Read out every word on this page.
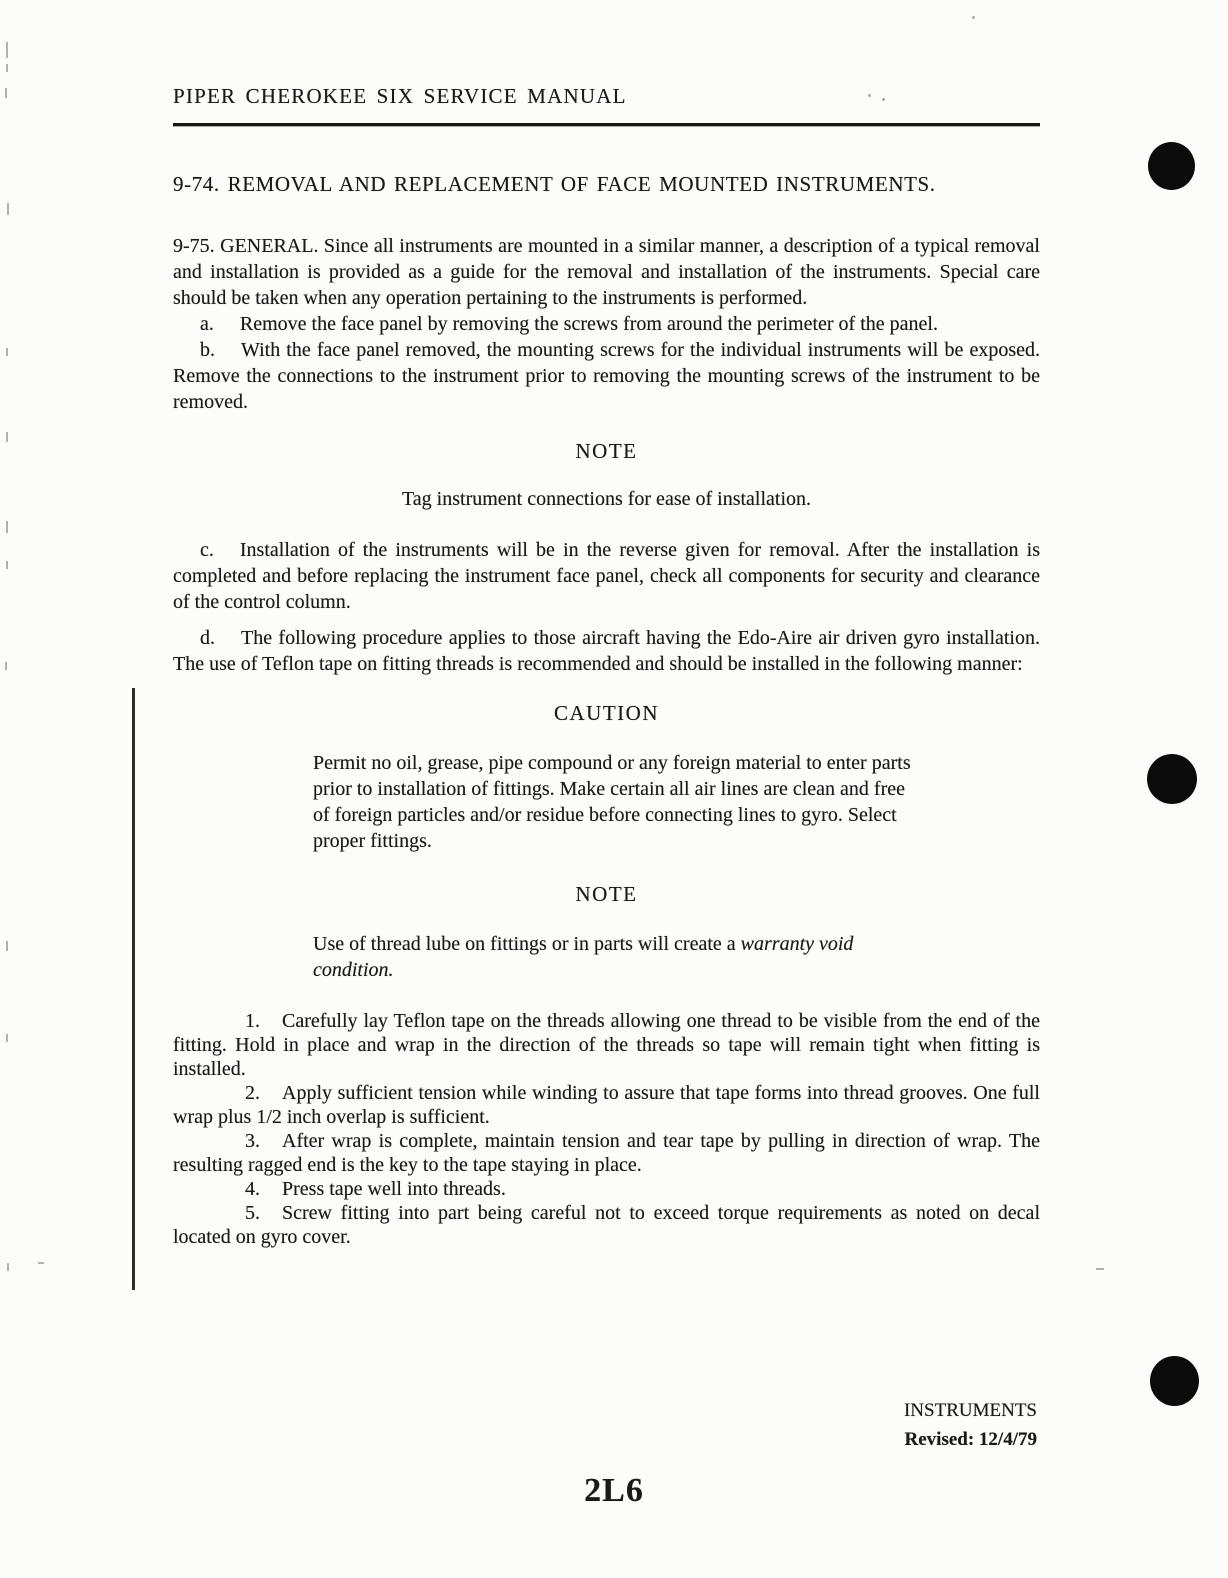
PIPER CHEROKEE SIX SERVICE MANUAL
9-74. REMOVAL AND REPLACEMENT OF FACE MOUNTED INSTRUMENTS.

9-75. GENERAL. Since all instruments are mounted in a similar manner, a description of a typical removal and installation is provided as a guide for the removal and installation of the instruments. Special care should be taken when any operation pertaining to the instruments is performed.

a. Remove the face panel by removing the screws from around the perimeter of the panel.

b. With the face panel removed, the mounting screws for the individual instruments will be exposed. Remove the connections to the instrument prior to removing the mounting screws of the instrument to be removed.

NOTE
Tag instrument connections for ease of installation.

c. Installation of the instruments will be in the reverse given for removal. After the installation is completed and before replacing the instrument face panel, check all components for security and clearance of the control column.

d. The following procedure applies to those aircraft having the Edo-Aire air driven gyro installation. The use of Teflon tape on fitting threads is recommended and should be installed in the following manner:

CAUTION
Permit no oil, grease, pipe compound or any foreign material to enter parts prior to installation of fittings. Make certain all air lines are clean and free of foreign particles and/or residue before connecting lines to gyro. Select proper fittings.
NOTE
Use of thread lube on fittings or in parts will create a warranty void condition.

1. Carefully lay Teflon tape on the threads allowing one thread to be visible from the end of the fitting. Hold in place and wrap in the direction of the threads so tape will remain tight when fitting is installed.

2. Apply sufficient tension while winding to assure that tape forms into thread grooves. One full wrap plus 1/2 inch overlap is sufficient.

3. After wrap is complete, maintain tension and tear tape by pulling in direction of wrap. The resulting ragged end is the key to the tape staying in place.

4. Press tape well into threads.

5. Screw fitting into part being careful not to exceed torque requirements as noted on decal located on gyro cover.

INSTRUMENTS
Revised: 12/4/79
2L6
